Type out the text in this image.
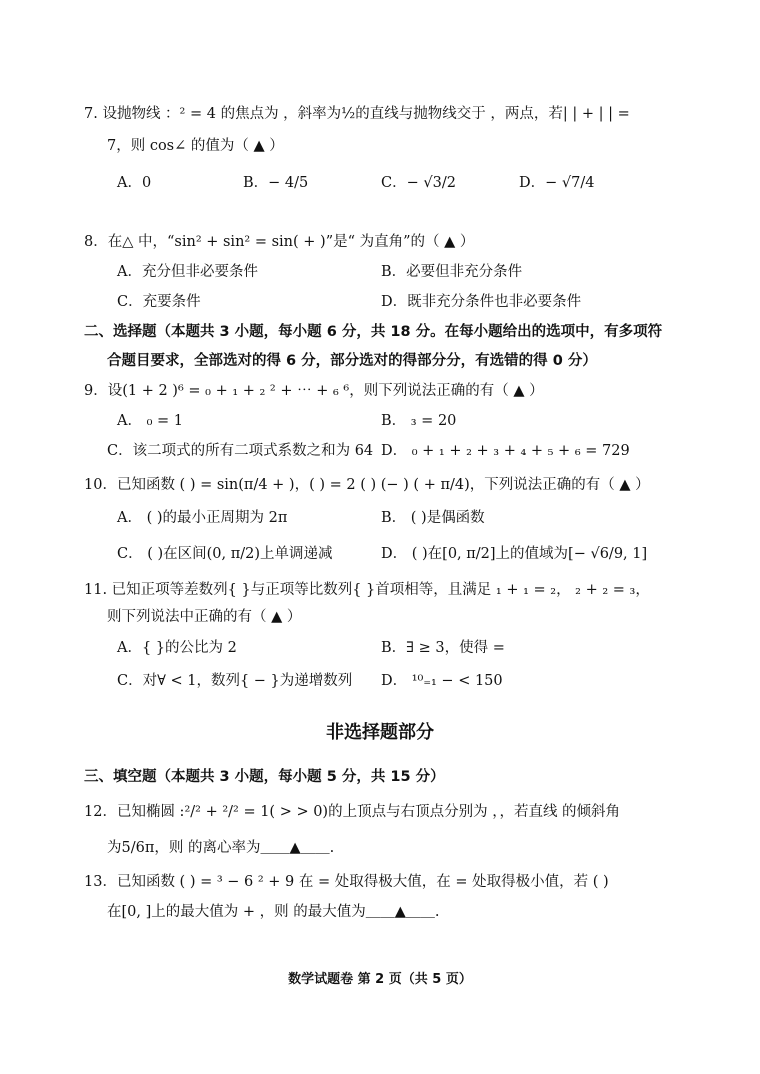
7. 设抛物线 ：² = 4 的焦点为 ，斜率为½的直线与抛物线交于 ，两点，若| | + | | =
7，则 cos∠ 的值为（ ▲ ）
A．0	B．− 4/5	C．− √3/2	D．− √7/4
8．在△ 中，“sin² + sin² = sin( + )”是“ 为直角”的（ ▲ ）
A．充分但非必要条件	B．必要但非充分条件
C．充要条件	D．既非充分条件也非必要条件
二、选择题（本题共 3 小题，每小题 6 分，共 18 分。在每小题给出的选项中，有多项符
合题目要求，全部选对的得 6 分，部分选对的得部分分，有选错的得 0 分）
9．设(1 + 2 )⁶ = ₀ + ₁ + ₂ ² + ⋯ + ₆ ⁶，则下列说法正确的有（ ▲ ）
A． ₀ = 1	B． ₃ = 20
C．该二项式的所有二项式系数之和为 64 D． ₀ + ₁ + ₂ + ₃ + ₄ + ₅ + ₆ = 729
10．已知函数 ( ) = sin(π/4 + )，( ) = 2 ( ) (− ) ( + π/4)，下列说法正确的有（ ▲ ）
A． ( )的最小正周期为 2π	B． ( )是偶函数
C． ( )在区间(0, π/2)上单调递减	D． ( )在[0, π/2]上的值域为[− √6/9, 1]
11. 已知正项等差数列{ }与正项等比数列{ }首项相等，且满足 ₁ + ₁ = ₂， ₂ + ₂ = ₃，
则下列说法中正确的有（ ▲ ）
A．{ }的公比为 2	B．∃ ≥ 3，使得 =
C．对∀ < 1，数列{ − }为递增数列 D． ¹⁰₌₁ − < 150
非选择题部分
三、填空题（本题共 3 小题，每小题 5 分，共 15 分）
12．已知椭圆 :²/² + ²/² = 1( > > 0)的上顶点与右顶点分别为 ，，若直线 的倾斜角
为5/6π，则 的离心率为＿＿▲＿＿.
13．已知函数 ( ) = ³ − 6 ² + 9 在 = 处取得极大值，在 = 处取得极小值，若 ( )
在[0, ]上的最大值为 + ，则 的最大值为＿＿▲＿＿.
数学试题卷 第 2 页（共 5 页）
